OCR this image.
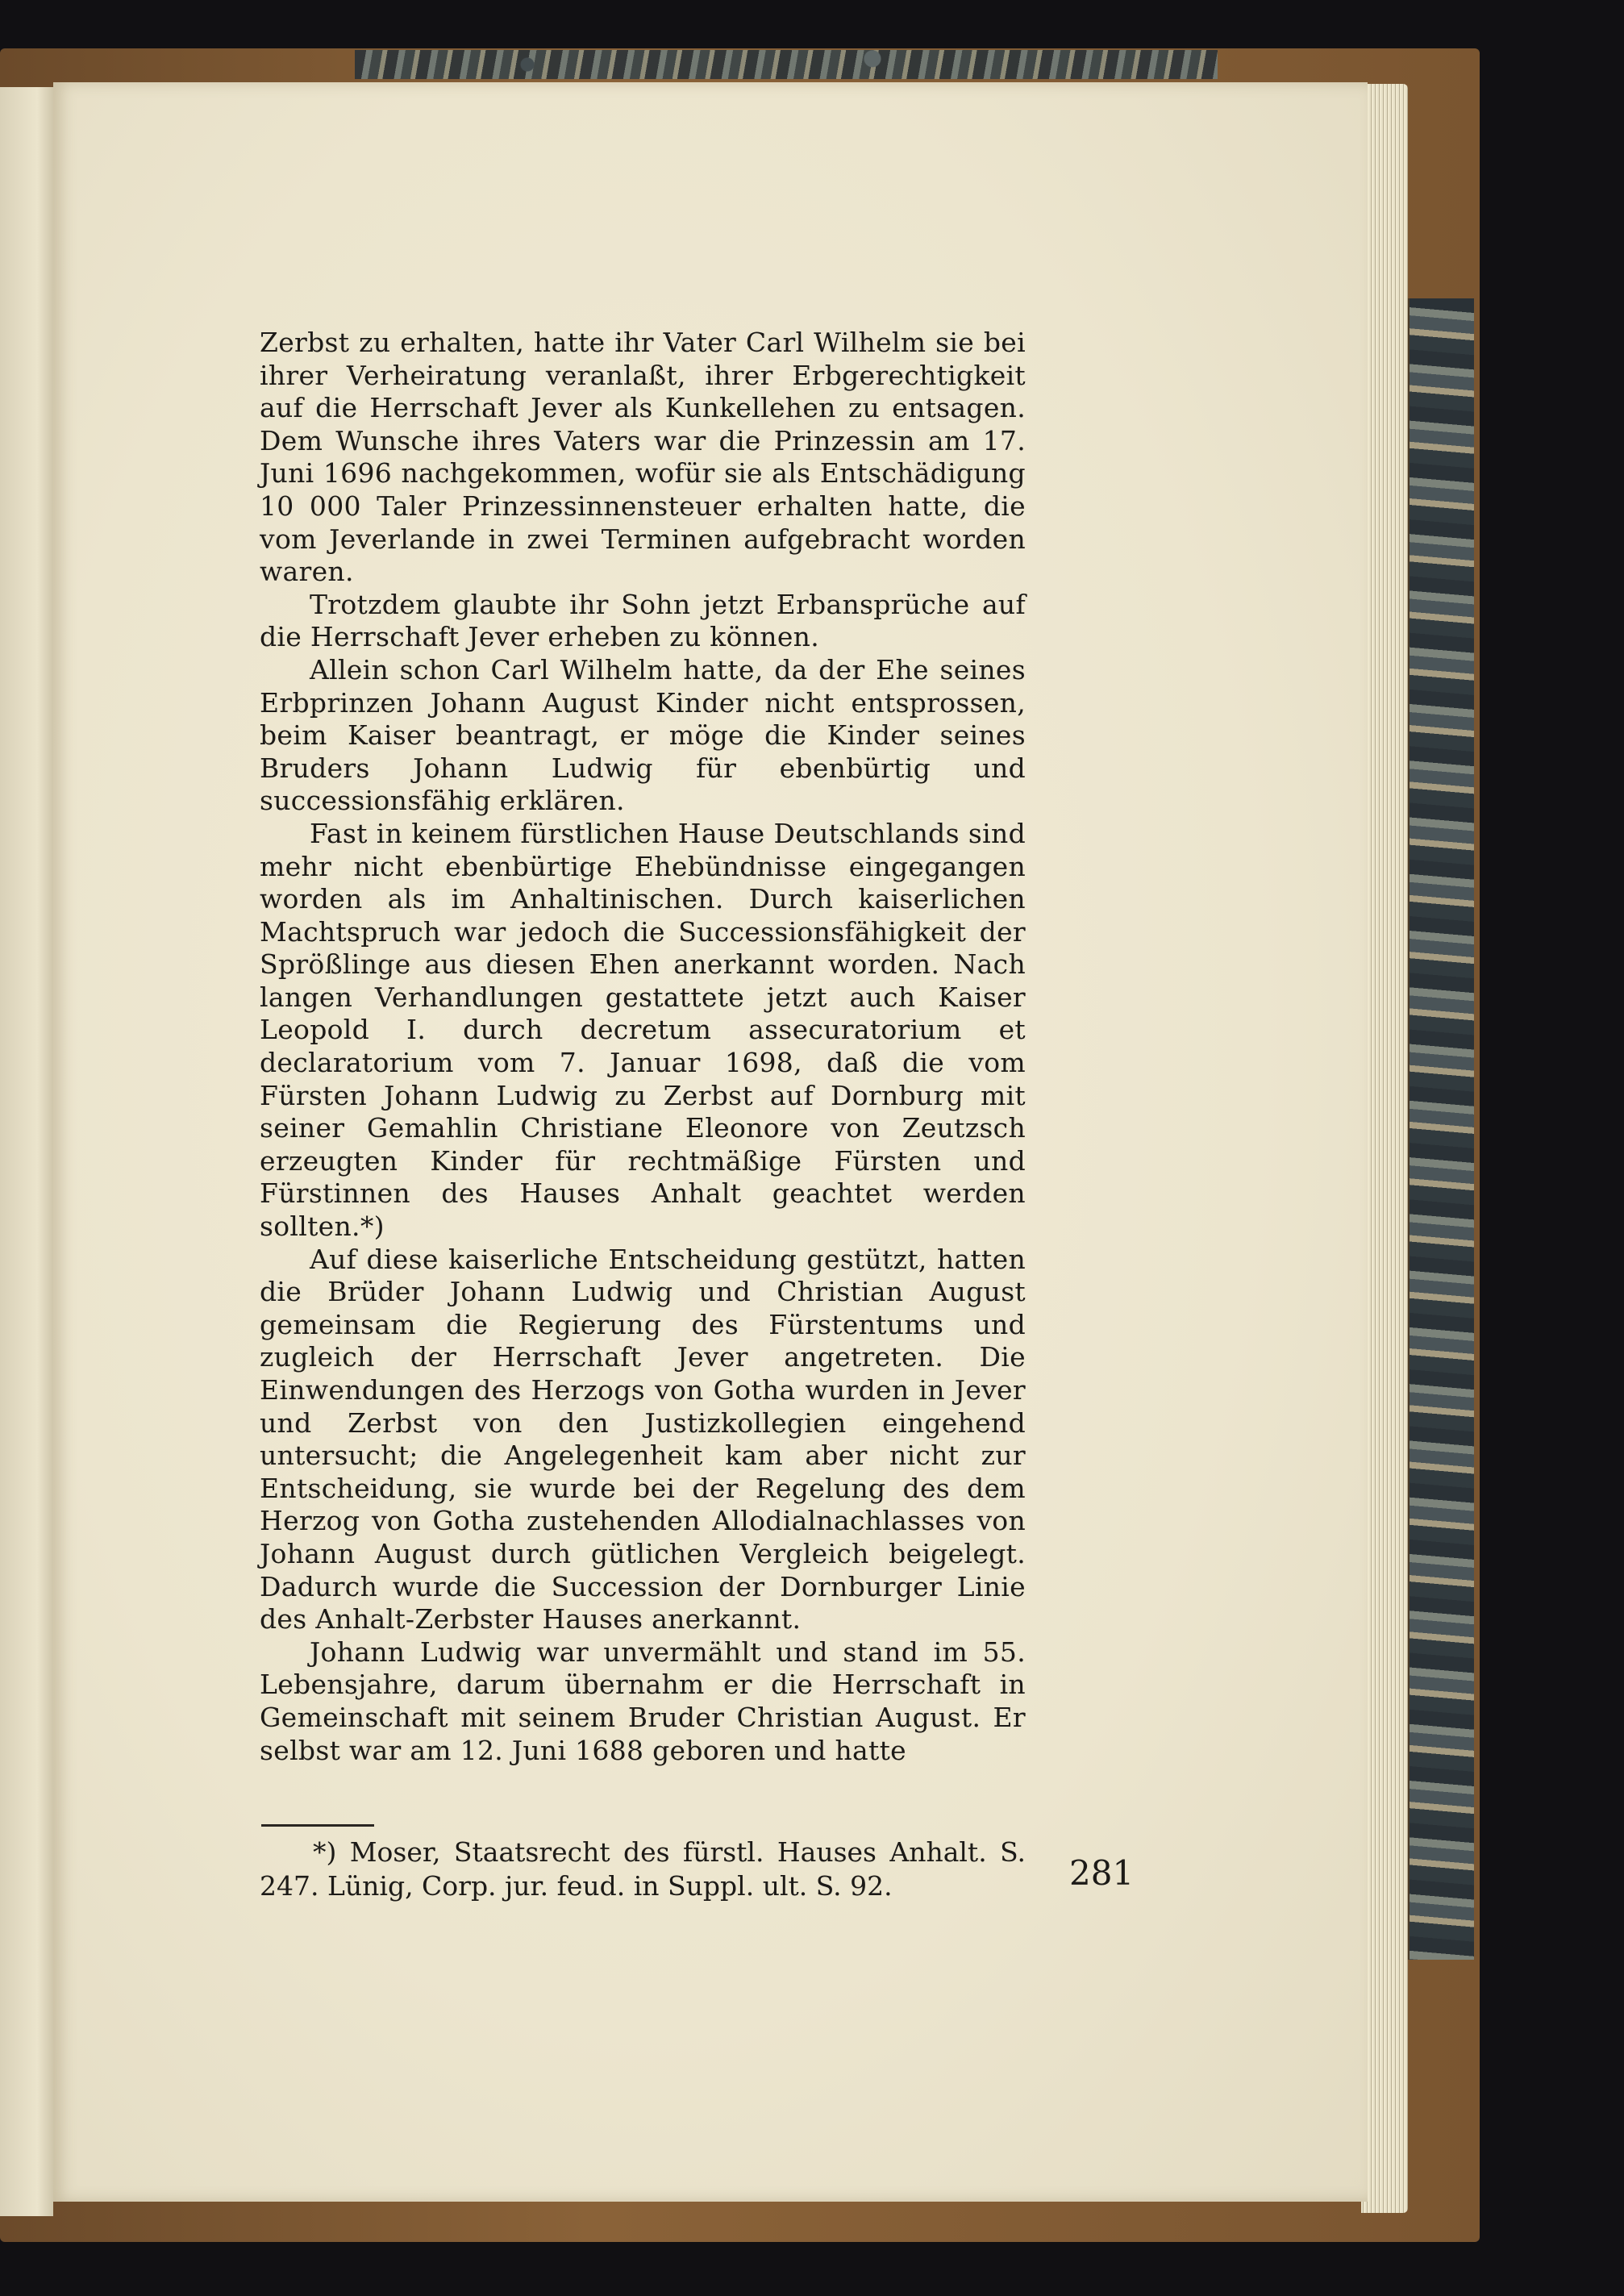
Zerbst zu erhalten, hatte ihr Vater Carl Wilhelm sie bei ihrer Verheiratung veranlaßt, ihrer Erbgerechtigkeit auf die Herrschaft Jever als Kunkellehen zu entsagen. Dem Wunsche ihres Vaters war die Prinzessin am 17. Juni 1696 nachgekommen, wofür sie als Entschädigung 10 000 Taler Prinzessinnensteuer erhalten hatte, die vom Jeverlande in zwei Terminen aufgebracht worden waren.

Trotzdem glaubte ihr Sohn jetzt Erbansprüche auf die Herrschaft Jever erheben zu können.

Allein schon Carl Wilhelm hatte, da der Ehe seines Erbprinzen Johann August Kinder nicht entsprossen, beim Kaiser beantragt, er möge die Kinder seines Bruders Johann Ludwig für ebenbürtig und successionsfähig erklären.

Fast in keinem fürstlichen Hause Deutschlands sind mehr nicht ebenbürtige Ehebündnisse eingegangen worden als im Anhaltinischen. Durch kaiserlichen Machtspruch war jedoch die Successionsfähigkeit der Sprößlinge aus diesen Ehen anerkannt worden. Nach langen Verhandlungen gestattete jetzt auch Kaiser Leopold I. durch decretum assecuratorium et declaratorium vom 7. Januar 1698, daß die vom Fürsten Johann Ludwig zu Zerbst auf Dornburg mit seiner Gemahlin Christiane Eleonore von Zeutzsch erzeugten Kinder für rechtmäßige Fürsten und Fürstinnen des Hauses Anhalt geachtet werden sollten.*)

Auf diese kaiserliche Entscheidung gestützt, hatten die Brüder Johann Ludwig und Christian August gemeinsam die Regierung des Fürstentums und zugleich der Herrschaft Jever angetreten. Die Einwendungen des Herzogs von Gotha wurden in Jever und Zerbst von den Justizkollegien eingehend untersucht; die Angelegenheit kam aber nicht zur Entscheidung, sie wurde bei der Regelung des dem Herzog von Gotha zustehenden Allodialnachlasses von Johann August durch gütlichen Vergleich beigelegt. Dadurch wurde die Succession der Dornburger Linie des Anhalt-Zerbster Hauses anerkannt.

Johann Ludwig war unvermählt und stand im 55. Lebensjahre, darum übernahm er die Herrschaft in Gemeinschaft mit seinem Bruder Christian August. Er selbst war am 12. Juni 1688 geboren und hatte

*) Moser, Staatsrecht des fürstl. Hauses Anhalt. S. 247. Lünig, Corp. jur. feud. in Suppl. ult. S. 92.	281
